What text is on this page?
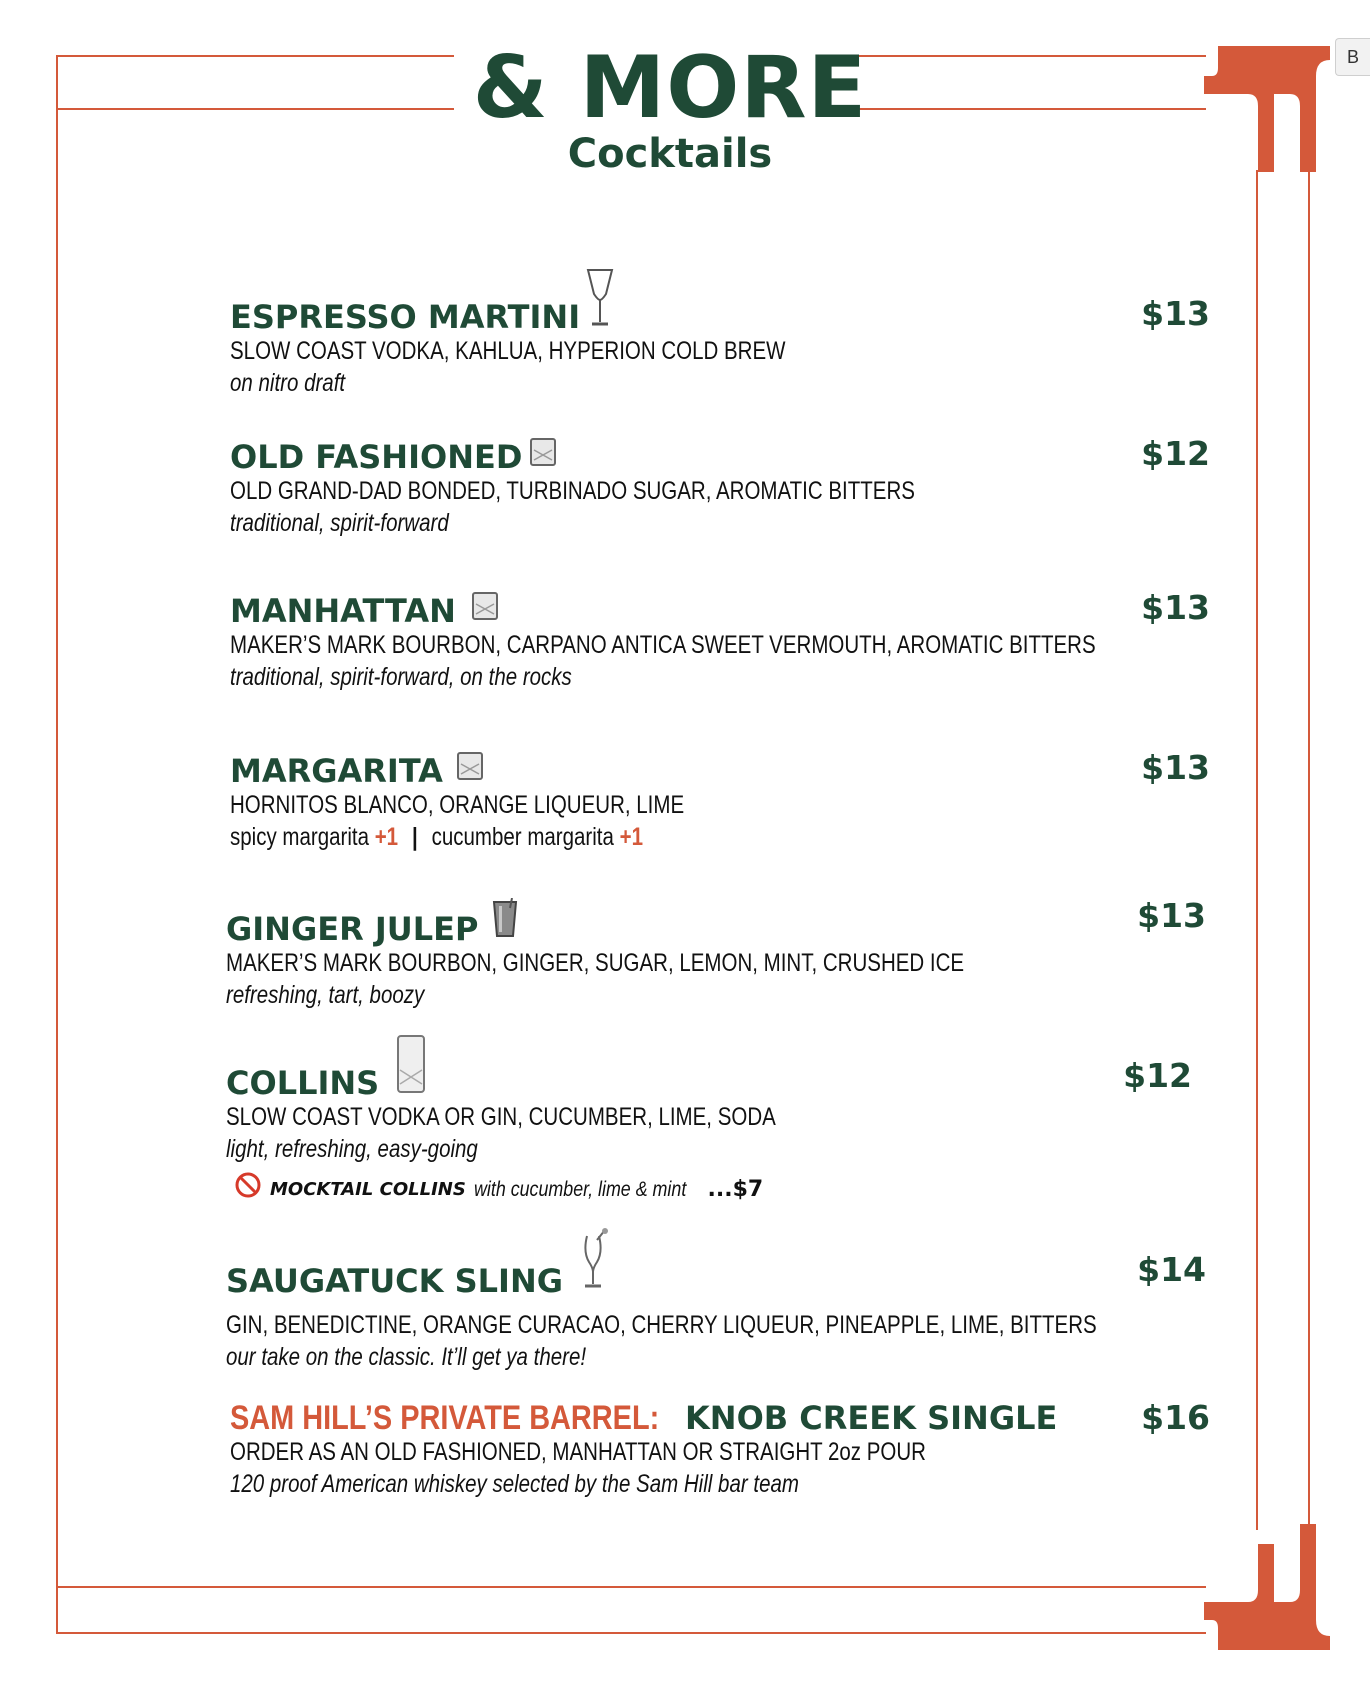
& MORE
Cocktails
B
ESPRESSO MARTINI	$13
SLOW COAST VODKA, KAHLUA, HYPERION COLD BREW
on nitro draft
OLD FASHIONED	$12
OLD GRAND-DAD BONDED, TURBINADO SUGAR, AROMATIC BITTERS
traditional, spirit-forward
MANHATTAN	$13
MAKER’S MARK BOURBON, CARPANO ANTICA SWEET VERMOUTH, AROMATIC BITTERS
traditional, spirit-forward, on the rocks
MARGARITA	$13
HORNITOS BLANCO, ORANGE LIQUEUR, LIME
spicy margarita +1 | cucumber margarita +1
GINGER JULEP	$13
MAKER’S MARK BOURBON, GINGER, SUGAR, LEMON, MINT, CRUSHED ICE
refreshing, tart, boozy
COLLINS	$12
SLOW COAST VODKA OR GIN, CUCUMBER, LIME, SODA
light, refreshing, easy-going
MOCKTAIL COLLINS with cucumber, lime & mint ... $7
SAUGATUCK SLING	$14
GIN, BENEDICTINE, ORANGE CURACAO, CHERRY LIQUEUR, PINEAPPLE, LIME, BITTERS
our take on the classic. It’ll get ya there!
SAM HILL’S PRIVATE BARREL: KNOB CREEK SINGLE	$16
ORDER AS AN OLD FASHIONED, MANHATTAN OR STRAIGHT 2oz POUR
120 proof American whiskey selected by the Sam Hill bar team
